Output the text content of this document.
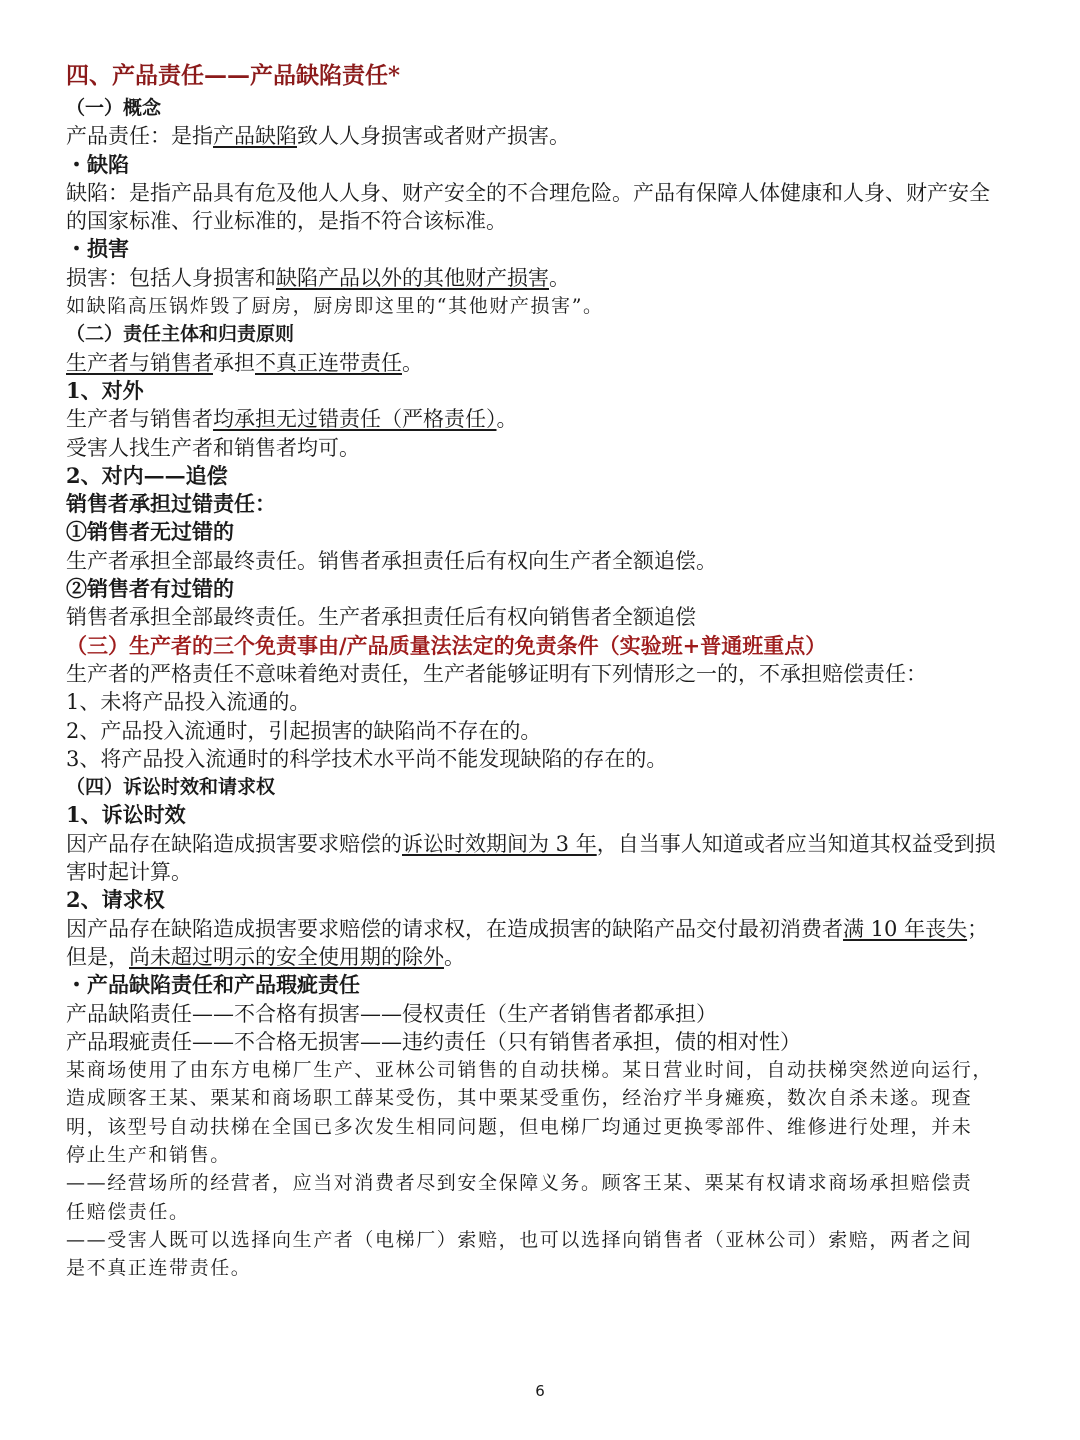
四、产品责任——产品缺陷责任*
（一）概念
产品责任：是指产品缺陷致人人身损害或者财产损害。
・缺陷
缺陷：是指产品具有危及他人人身、财产安全的不合理危险。产品有保障人体健康和人身、财产安全
的国家标准、行业标准的，是指不符合该标准。
・损害
损害：包括人身损害和缺陷产品以外的其他财产损害。
如缺陷高压锅炸毁了厨房，厨房即这里的“其他财产损害”。
（二）责任主体和归责原则
生产者与销售者承担不真正连带责任。
1、对外
生产者与销售者均承担无过错责任（严格责任）。
受害人找生产者和销售者均可。
2、对内——追偿
销售者承担过错责任：
①销售者无过错的
生产者承担全部最终责任。销售者承担责任后有权向生产者全额追偿。
②销售者有过错的
销售者承担全部最终责任。生产者承担责任后有权向销售者全额追偿
（三）生产者的三个免责事由/产品质量法法定的免责条件（实验班+普通班重点）
生产者的严格责任不意味着绝对责任，生产者能够证明有下列情形之一的，不承担赔偿责任：
1、未将产品投入流通的。
2、产品投入流通时，引起损害的缺陷尚不存在的。
3、将产品投入流通时的科学技术水平尚不能发现缺陷的存在的。
（四）诉讼时效和请求权
1、诉讼时效
因产品存在缺陷造成损害要求赔偿的诉讼时效期间为 3 年，自当事人知道或者应当知道其权益受到损
害时起计算。
2、请求权
因产品存在缺陷造成损害要求赔偿的请求权，在造成损害的缺陷产品交付最初消费者满 10 年丧失；
但是，尚未超过明示的安全使用期的除外。
・产品缺陷责任和产品瑕疵责任
产品缺陷责任——不合格有损害——侵权责任（生产者销售者都承担）
产品瑕疵责任——不合格无损害——违约责任（只有销售者承担，债的相对性）
某商场使用了由东方电梯厂生产、亚林公司销售的自动扶梯。某日营业时间，自动扶梯突然逆向运行，
造成顾客王某、栗某和商场职工薛某受伤，其中栗某受重伤，经治疗半身瘫痪，数次自杀未遂。现查
明，该型号自动扶梯在全国已多次发生相同问题，但电梯厂均通过更换零部件、维修进行处理，并未
停止生产和销售。
——经营场所的经营者，应当对消费者尽到安全保障义务。顾客王某、栗某有权请求商场承担赔偿责
任赔偿责任。
——受害人既可以选择向生产者（电梯厂）索赔，也可以选择向销售者（亚林公司）索赔，两者之间
是不真正连带责任。
6
